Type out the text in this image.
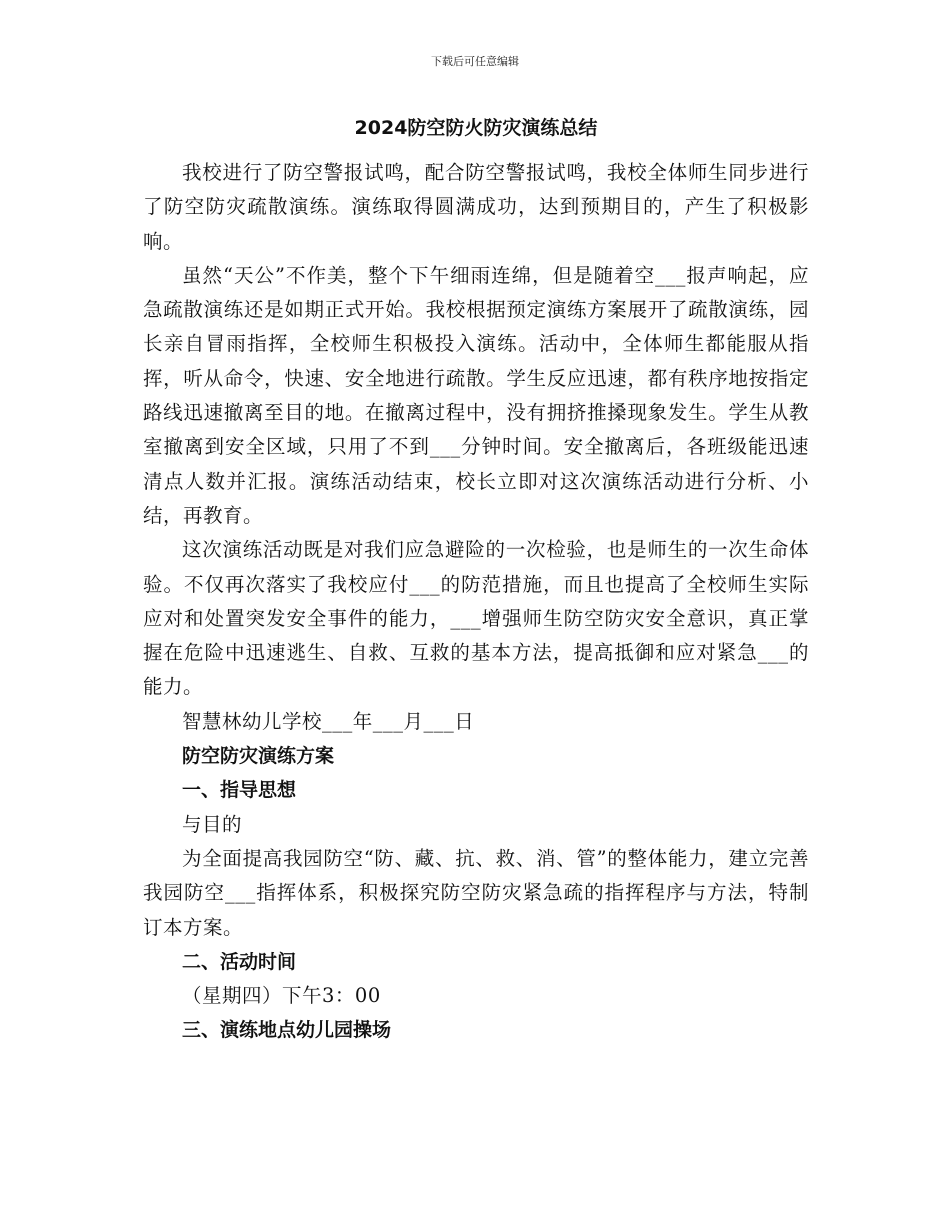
下载后可任意编辑
2024防空防火防灾演练总结

我校进行了防空警报试鸣，配合防空警报试鸣，我校全体师生同步进行了防空防灾疏散演练。演练取得圆满成功，达到预期目的，产生了积极影响。

虽然“天公”不作美，整个下午细雨连绵，但是随着空___报声响起，应急疏散演练还是如期正式开始。我校根据预定演练方案展开了疏散演练，园长亲自冒雨指挥，全校师生积极投入演练。活动中，全体师生都能服从指挥，听从命令，快速、安全地进行疏散。学生反应迅速，都有秩序地按指定路线迅速撤离至目的地。在撤离过程中，没有拥挤推搡现象发生。学生从教室撤离到安全区域，只用了不到___分钟时间。安全撤离后，各班级能迅速清点人数并汇报。演练活动结束，校长立即对这次演练活动进行分析、小结，再教育。

这次演练活动既是对我们应急避险的一次检验，也是师生的一次生命体验。不仅再次落实了我校应付___的防范措施，而且也提高了全校师生实际应对和处置突发安全事件的能力，___增强师生防空防灾安全意识，真正掌握在危险中迅速逃生、自救、互救的基本方法，提高抵御和应对紧急___的能力。

智慧林幼儿学校___年___月___日

防空防灾演练方案

一、指导思想

与目的

为全面提高我园防空“防、藏、抗、救、消、管”的整体能力，建立完善我园防空___指挥体系，积极探究防空防灾紧急疏的指挥程序与方法，特制订本方案。

二、活动时间

（星期四）下午3：00

三、演练地点幼儿园操场
